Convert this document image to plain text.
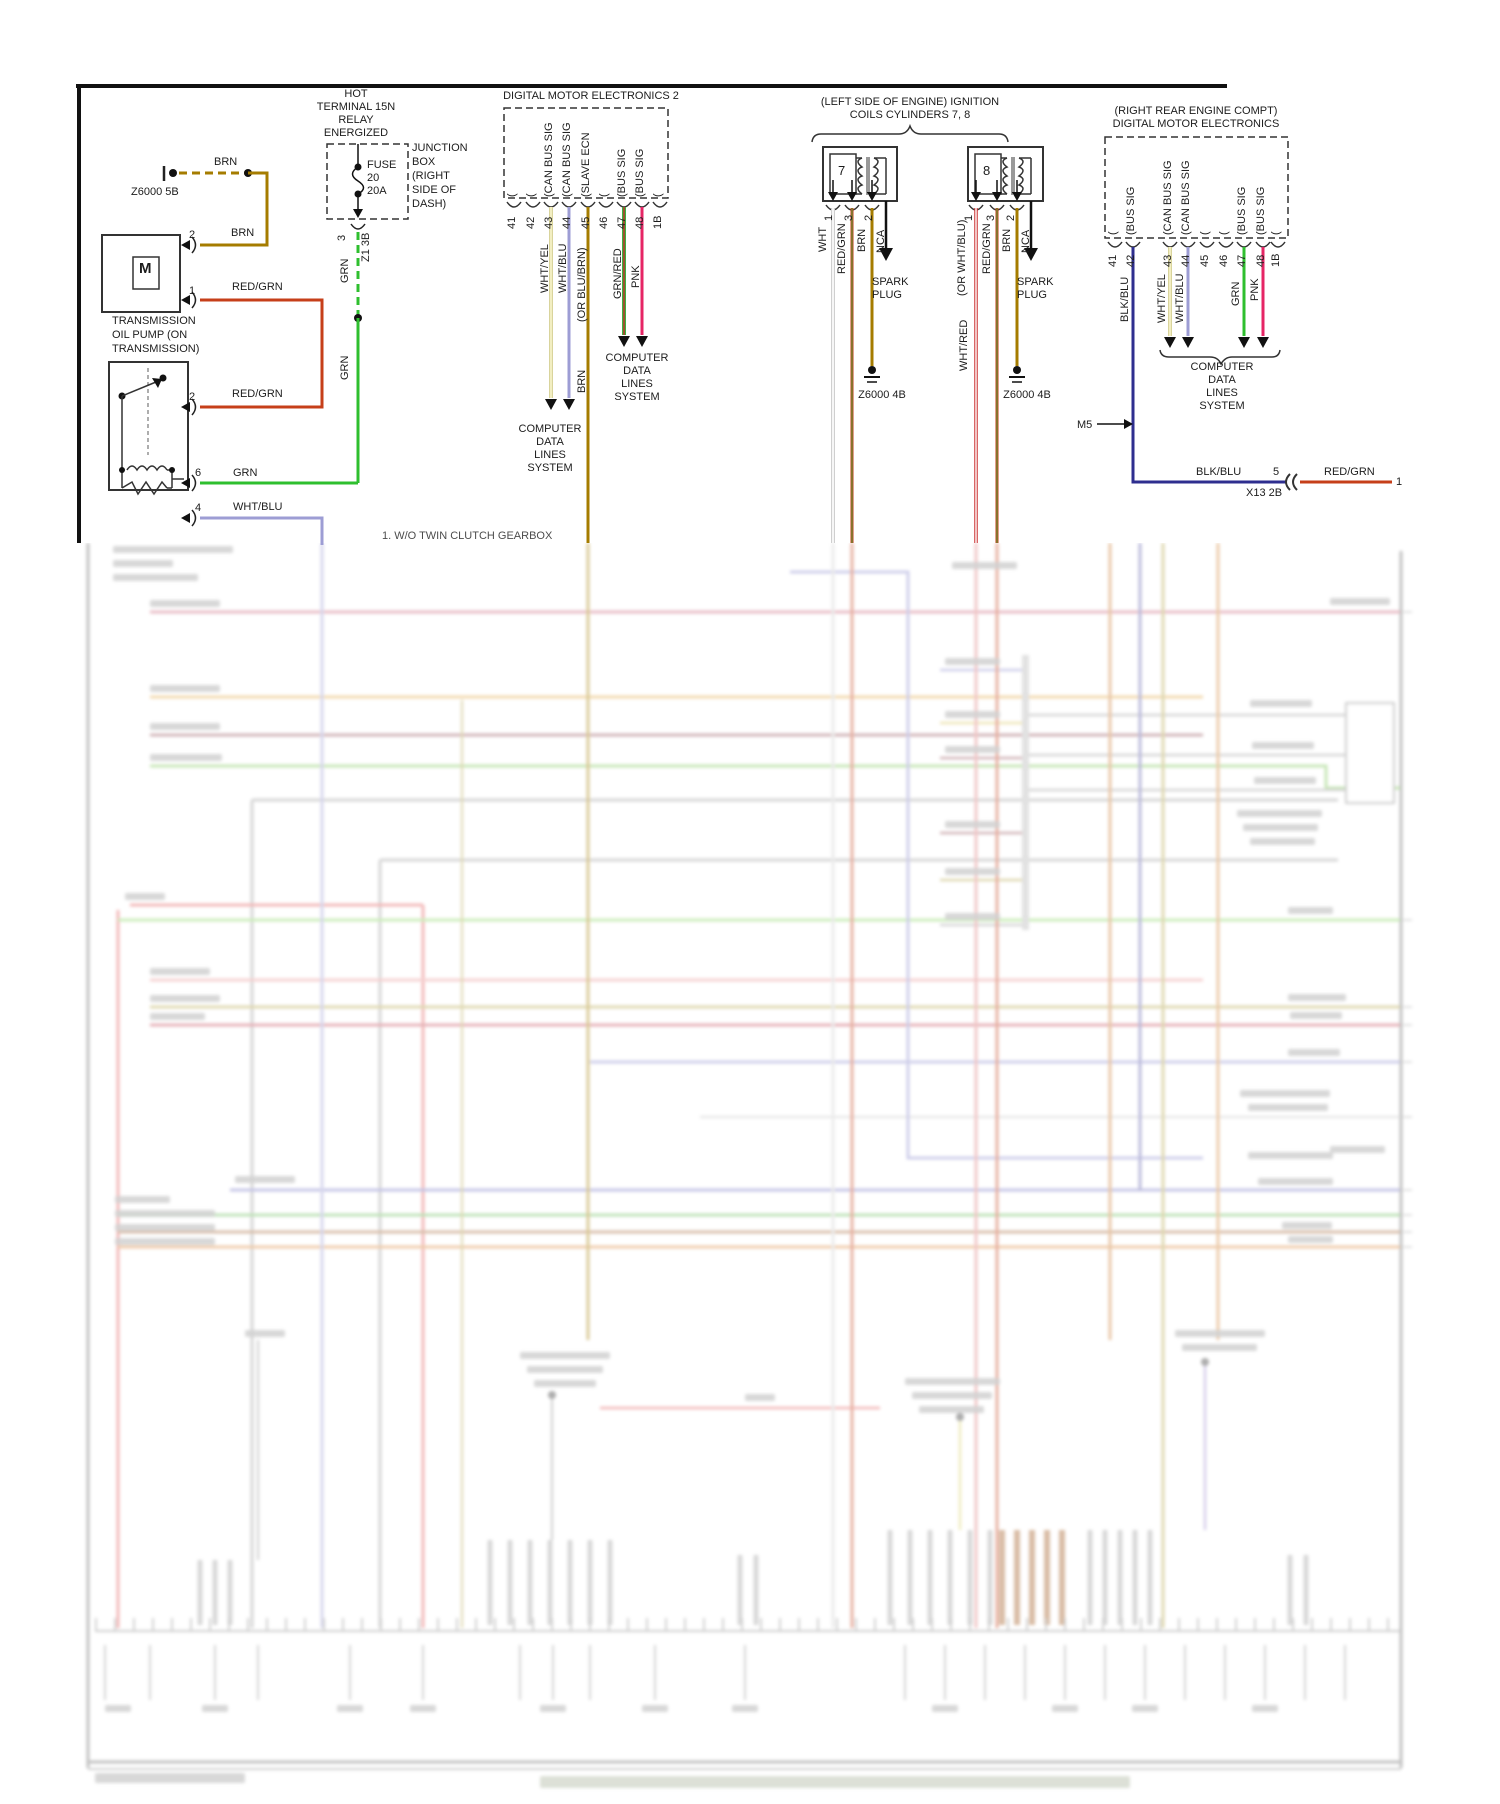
BRN
Z6000 5B
2	BRN
M
1	RED/GRN
TRANSMISSION
OIL PUMP (ON
TRANSMISSION)
2	RED/GRN
6	GRN
4	WHT/BLU
HOT
TERMINAL 15N
RELAY
ENERGIZED
FUSE
20
20A
JUNCTION
BOX
(RIGHT
SIDE OF
DASH)
3 Z1 3B
GRN
GRN
DIGITAL MOTOR ELECTRONICS 2
41 42 43 44 45 46 47 48 1B
( ( (CAN BUS SIG (CAN BUS SIG (SLAVE ECN ( (BUS SIG (BUS SIG (
WHT/YEL WHT/BLU (OR BLU/BRN)
BRN
GRN/RED PNK
COMPUTER
DATA
LINES
SYSTEM
COMPUTER
DATA
LINES
SYSTEM
(LEFT SIDE OF ENGINE) IGNITION
COILS CYLINDERS 7, 8
7
1 3 2
WHT RED/GRN BRN NCA
SPARK
PLUG
Z6000 4B
8
1 3 2
(OR WHT/BLU)
WHT/RED
RED/GRN BRN NCA
SPARK
PLUG
Z6000 4B
(RIGHT REAR ENGINE COMPT)
DIGITAL MOTOR ELECTRONICS
41 42 43 44 45 46 47 48 1B
( (BUS SIG (CAN BUS SIG (CAN BUS SIG ( ( (BUS SIG (BUS SIG (
BLK/BLU WHT/YEL WHT/BLU	GRN PNK
COMPUTER
DATA
LINES
SYSTEM
M5
BLK/BLU	5
X13 2B
RED/GRN
1
1. W/O TWIN CLUTCH GEARBOX
